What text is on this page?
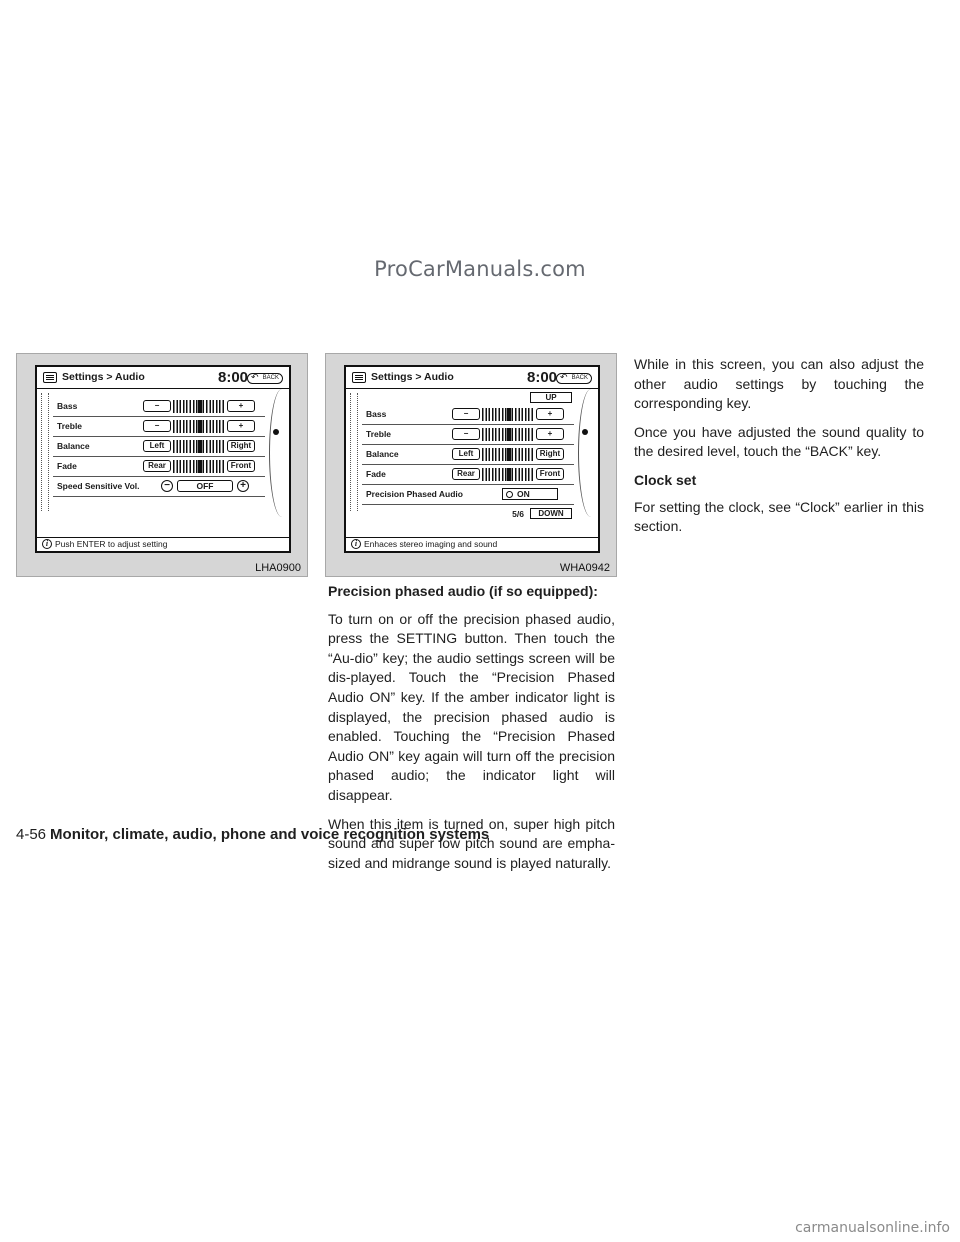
ProCarManuals.com
Settings > Audio	8:00	↶ BACK
Bass	−	+
Treble	−	+
Balance	Left	Right
Fade	Rear	Front
Speed Sensitive Vol.	−	OFF	+
i Push ENTER to adjust setting
LHA0900
Settings > Audio	8:00	↶ BACK
UP
Bass	−	+
Treble	−	+
Balance	Left	Right
Fade	Rear	Front
Precision Phased Audio	ON
5/6	DOWN
i Enhaces stereo imaging and sound
WHA0942
Precision phased audio (if so equipped):

To turn on or off the precision phased audio, press the SETTING button. Then touch the “Au-dio” key; the audio settings screen will be dis-played. Touch the “Precision Phased Audio ON” key. If the amber indicator light is displayed, the precision phased audio is enabled. Touching the “Precision Phased Audio ON” key again will turn off the precision phased audio; the indicator light will disappear.

When this item is turned on, super high pitch sound and super low pitch sound are empha-sized and midrange sound is played naturally.

While in this screen, you can also adjust the other audio settings by touching the corresponding key.

Once you have adjusted the sound quality to the desired level, touch the “BACK” key.

Clock set

For setting the clock, see “Clock” earlier in this section.

4-56 Monitor, climate, audio, phone and voice recognition systems
carmanualsonline.info
